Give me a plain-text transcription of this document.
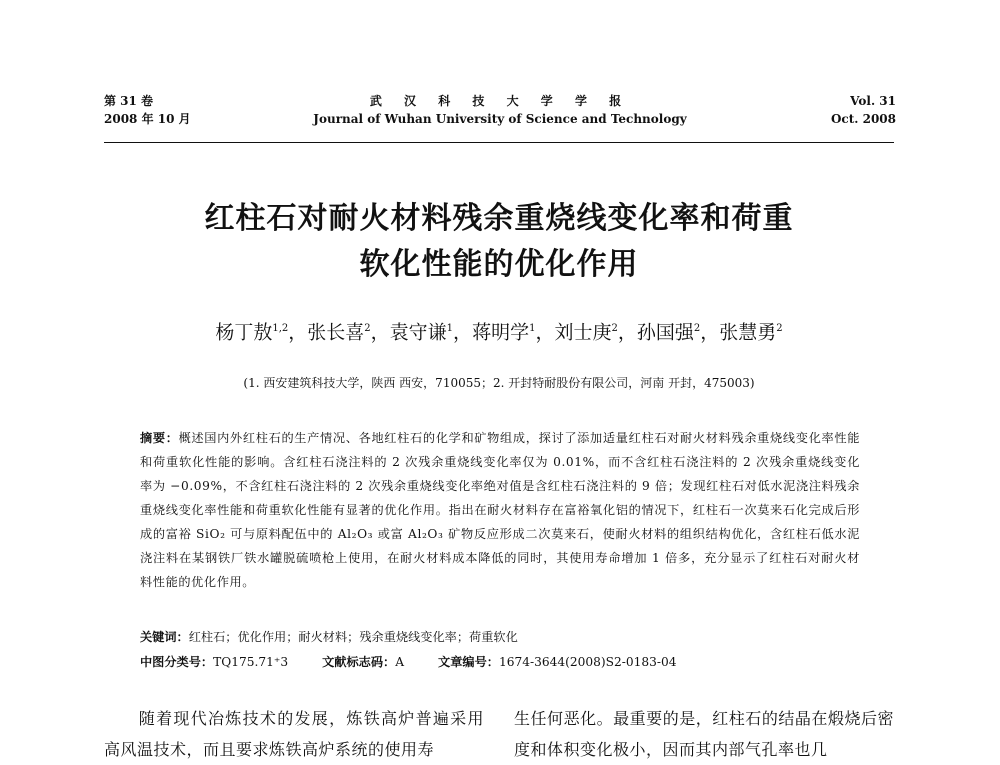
第 31 卷
2008 年 10 月
武 汉 科 技 大 学 学 报
Journal of Wuhan University of Science and Technology
Vol. 31
Oct. 2008
红柱石对耐火材料残余重烧线变化率和荷重
软化性能的优化作用
杨丁敖$^{1,2}$，张长喜$^2$，袁守谦$^1$，蒋明学$^1$，刘士庚$^2$，孙国强$^2$，张慧勇$^2$
(1. 西安建筑科技大学，陕西 西安，710055；2. 开封特耐股份有限公司，河南 开封，475003)
摘要：概述国内外红柱石的生产情况、各地红柱石的化学和矿物组成，探讨了添加适量红柱石对耐火材料残余重烧线变化率性能和荷重软化性能的影响。含红柱石浇注料的 2 次残余重烧线变化率仅为 0.01%，而不含红柱石浇注料的 2 次残余重烧线变化率为 −0.09%，不含红柱石浇注料的 2 次残余重烧线变化率绝对值是含红柱石浇注料的 9 倍；发现红柱石对低水泥浇注料残余重烧线变化率性能和荷重软化性能有显著的优化作用。指出在耐火材料存在富裕氧化铝的情况下，红柱石一次莫来石化完成后形成的富裕 SiO₂ 可与原料配伍中的 Al₂O₃ 或富 Al₂O₃ 矿物反应形成二次莫来石，使耐火材料的组织结构优化，含红柱石低水泥浇注料在某钢铁厂铁水罐脱硫喷枪上使用，在耐火材料成本降低的同时，其使用寿命增加 1 倍多，充分显示了红柱石对耐火材料性能的优化作用。
关键词：红柱石；优化作用；耐火材料；残余重烧线变化率；荷重软化
中图分类号：TQ175.71⁺3	文献标志码：A	文章编号：1674-3644(2008)S2-0183-04
随着现代冶炼技术的发展，炼铁高炉普遍采用高风温技术，而且要求炼铁高炉系统的使用寿
生任何恶化。最重要的是，红柱石的结晶在煅烧后密度和体积变化极小，因而其内部气孔率也几
